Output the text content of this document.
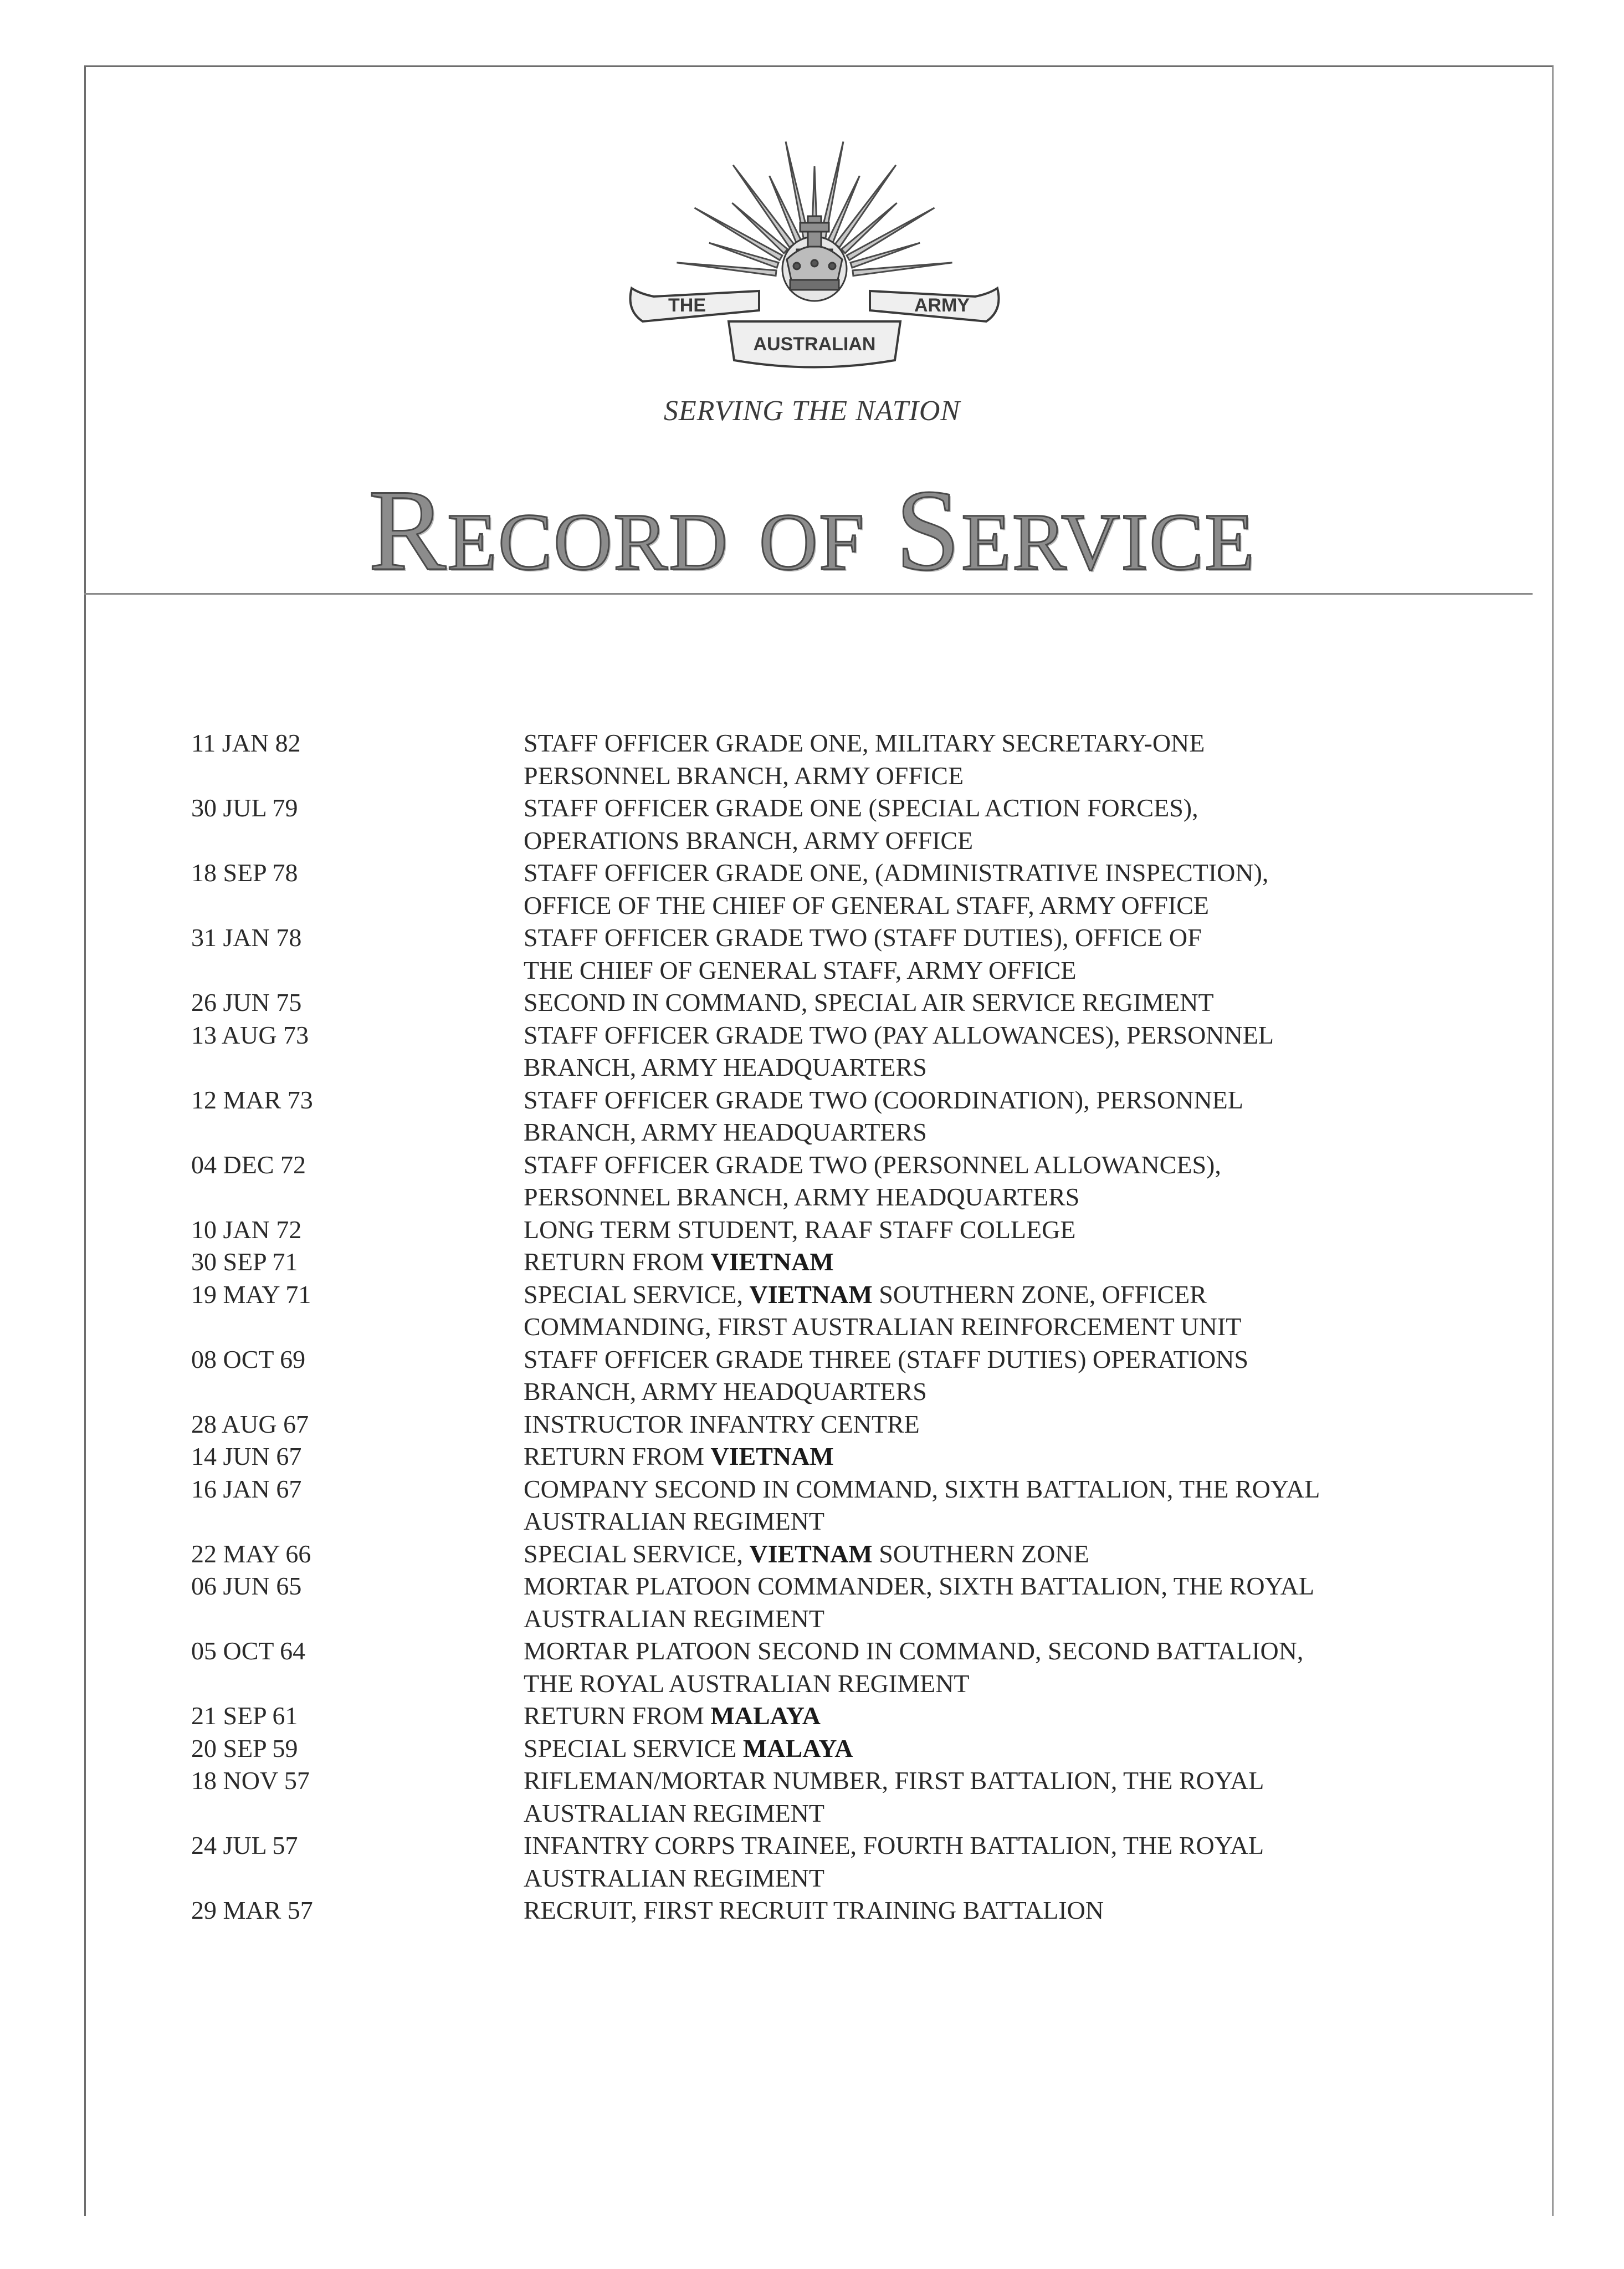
THE	ARMY
AUSTRALIAN
SERVING THE NATION
Record of Service
11 JAN 82	STAFF OFFICER GRADE ONE, MILITARY SECRETARY-ONE
PERSONNEL BRANCH, ARMY OFFICE
30 JUL 79	STAFF OFFICER GRADE ONE (SPECIAL ACTION FORCES),
OPERATIONS BRANCH, ARMY OFFICE
18 SEP 78	STAFF OFFICER GRADE ONE, (ADMINISTRATIVE INSPECTION),
OFFICE OF THE CHIEF OF GENERAL STAFF, ARMY OFFICE
31 JAN 78	STAFF OFFICER GRADE TWO (STAFF DUTIES), OFFICE OF
THE CHIEF OF GENERAL STAFF, ARMY OFFICE
26 JUN 75	SECOND IN COMMAND, SPECIAL AIR SERVICE REGIMENT
13 AUG 73	STAFF OFFICER GRADE TWO (PAY ALLOWANCES), PERSONNEL
BRANCH, ARMY HEADQUARTERS
12 MAR 73	STAFF OFFICER GRADE TWO (COORDINATION), PERSONNEL
BRANCH, ARMY HEADQUARTERS
04 DEC 72	STAFF OFFICER GRADE TWO (PERSONNEL ALLOWANCES),
PERSONNEL BRANCH, ARMY HEADQUARTERS
10 JAN 72	LONG TERM STUDENT, RAAF STAFF COLLEGE
30 SEP 71	RETURN FROM VIETNAM
19 MAY 71	SPECIAL SERVICE, VIETNAM SOUTHERN ZONE, OFFICER
COMMANDING, FIRST AUSTRALIAN REINFORCEMENT UNIT
08 OCT 69	STAFF OFFICER GRADE THREE (STAFF DUTIES) OPERATIONS
BRANCH, ARMY HEADQUARTERS
28 AUG 67	INSTRUCTOR INFANTRY CENTRE
14 JUN 67	RETURN FROM VIETNAM
16 JAN 67	COMPANY SECOND IN COMMAND, SIXTH BATTALION, THE ROYAL
AUSTRALIAN REGIMENT
22 MAY 66	SPECIAL SERVICE, VIETNAM SOUTHERN ZONE
06 JUN 65	MORTAR PLATOON COMMANDER, SIXTH BATTALION, THE ROYAL
AUSTRALIAN REGIMENT
05 OCT 64	MORTAR PLATOON SECOND IN COMMAND, SECOND BATTALION,
THE ROYAL AUSTRALIAN REGIMENT
21 SEP 61	RETURN FROM MALAYA
20 SEP 59	SPECIAL SERVICE MALAYA
18 NOV 57	RIFLEMAN/MORTAR NUMBER, FIRST BATTALION, THE ROYAL
AUSTRALIAN REGIMENT
24 JUL 57	INFANTRY CORPS TRAINEE, FOURTH BATTALION, THE ROYAL
AUSTRALIAN REGIMENT
29 MAR 57	RECRUIT, FIRST RECRUIT TRAINING BATTALION
